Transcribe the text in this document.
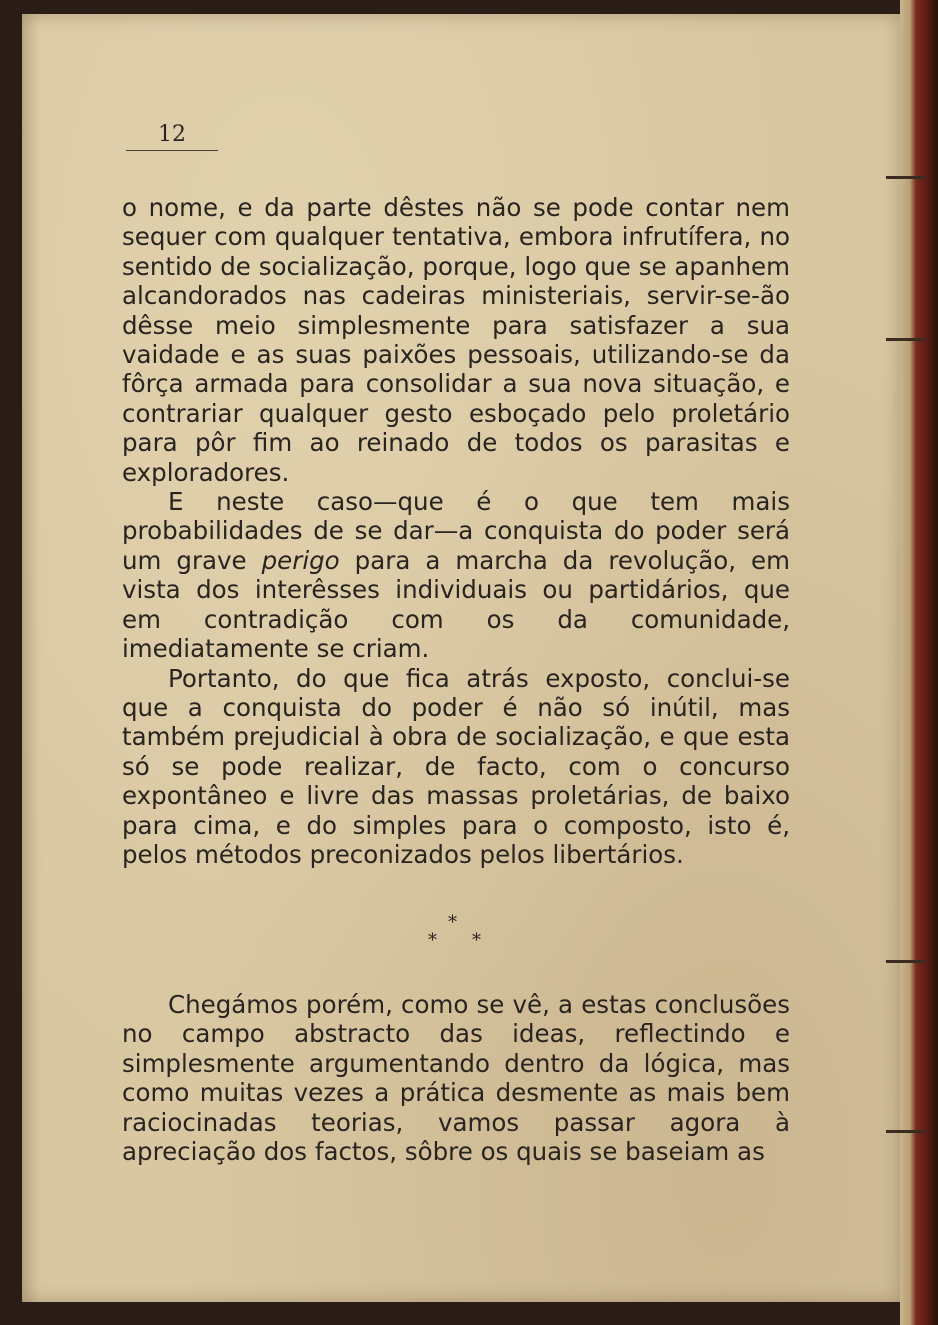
12

o nome, e da parte dêstes não se pode contar nem sequer com qualquer tentativa, embora infrutífera, no sentido de socialização, porque, logo que se apanhem alcandorados nas cadeiras ministeriais, servir-se-ão dêsse meio simplesmente para satisfazer a sua vaidade e as suas paixões pessoais, utilizando-se da fôrça armada para consolidar a sua nova situação, e contrariar qualquer gesto esboçado pelo proletário para pôr fim ao reinado de todos os parasitas e exploradores.

E neste caso—que é o que tem mais probabilidades de se dar—a conquista do poder será um grave perigo para a marcha da revolução, em vista dos interêsses individuais ou partidários, que em contradição com os da comunidade, imediatamente se criam.

Portanto, do que fica atrás exposto, conclui-se que a conquista do poder é não só inútil, mas também prejudicial à obra de socialização, e que esta só se pode realizar, de facto, com o concurso expontâneo e livre das massas proletárias, de baixo para cima, e do simples para o composto, isto é, pelos métodos preconizados pelos libertários.

*
* *

Chegámos porém, como se vê, a estas conclusões no campo abstracto das ideas, reflectindo e simplesmente argumentando dentro da lógica, mas como muitas vezes a prática desmente as mais bem raciocinadas teorias, vamos passar agora à apreciação dos factos, sôbre os quais se baseiam as
